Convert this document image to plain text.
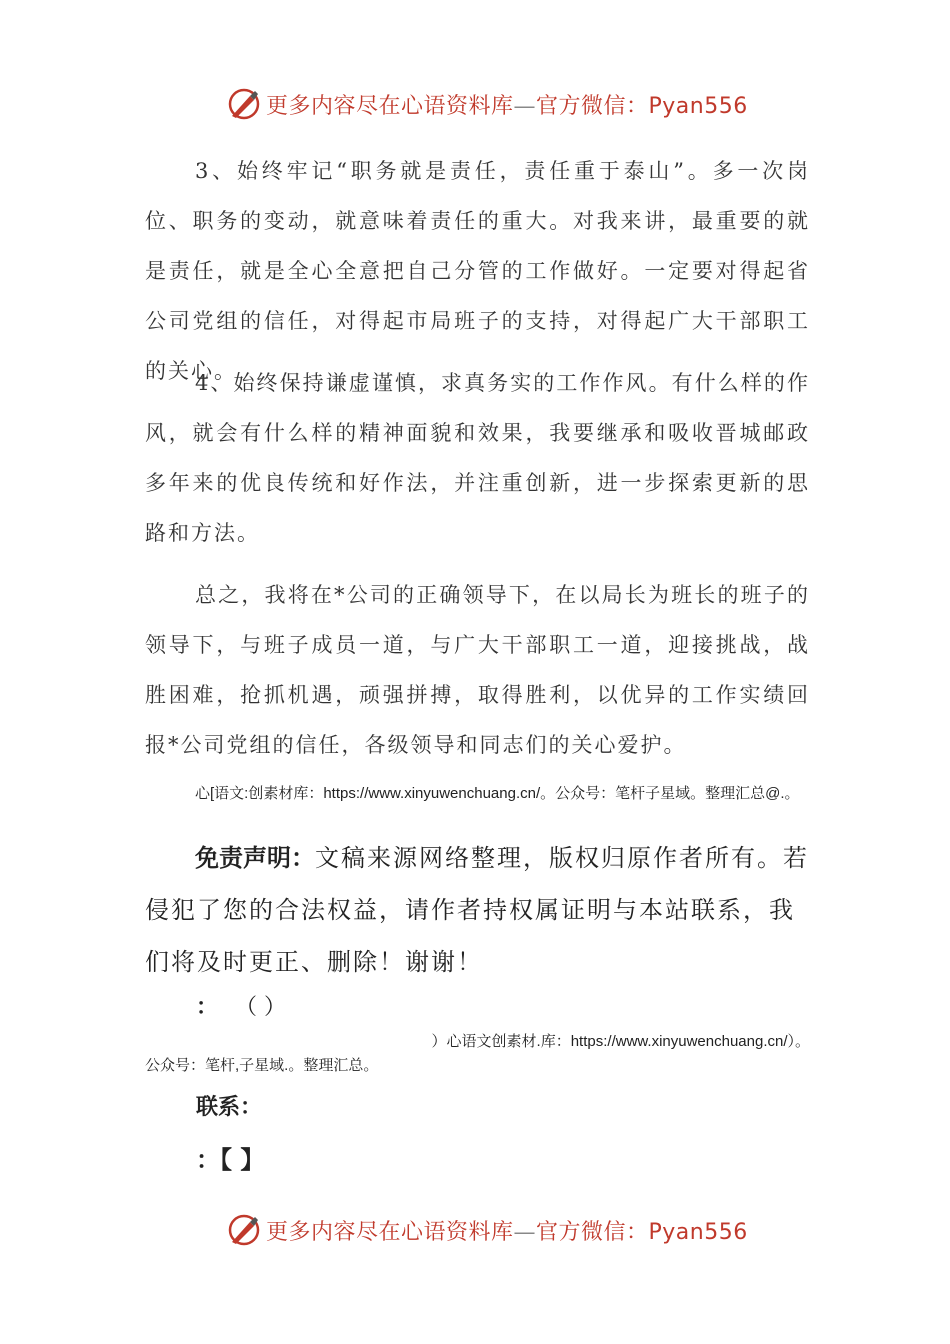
更多内容尽在心语资料库—官方微信：Pyan556

3、始终牢记“职务就是责任，责任重于泰山”。多一次岗位、职务的变动，就意味着责任的重大。对我来讲，最重要的就是责任，就是全心全意把自己分管的工作做好。一定要对得起省公司党组的信任，对得起市局班子的支持，对得起广大干部职工的关心。

4、始终保持谦虚谨慎，求真务实的工作作风。有什么样的作风，就会有什么样的精神面貌和效果，我要继承和吸收晋城邮政多年来的优良传统和好作法，并注重创新，进一步探索更新的思路和方法。

总之，我将在*公司的正确领导下，在以局长为班长的班子的领导下，与班子成员一道，与广大干部职工一道，迎接挑战，战胜困难，抢抓机遇，顽强拼搏，取得胜利，以优异的工作实绩回报*公司党组的信任，各级领导和同志们的关心爱护。

心[语文:创素材库：https://www.xinyuwenchuang.cn/。公众号：笔杆子星域。整理汇总@.。

免责声明：文稿来源网络整理，版权归原作者所有。若侵犯了您的合法权益，请作者持权属证明与本站联系，我们将及时更正、删除！谢谢！

： （ ）

）心语文创素材.库：https://www.xinyuwenchuang.cn/）。
公众号：笔杆,子星域.。整理汇总。

联系：
：【 】
更多内容尽在心语资料库—官方微信：Pyan556
